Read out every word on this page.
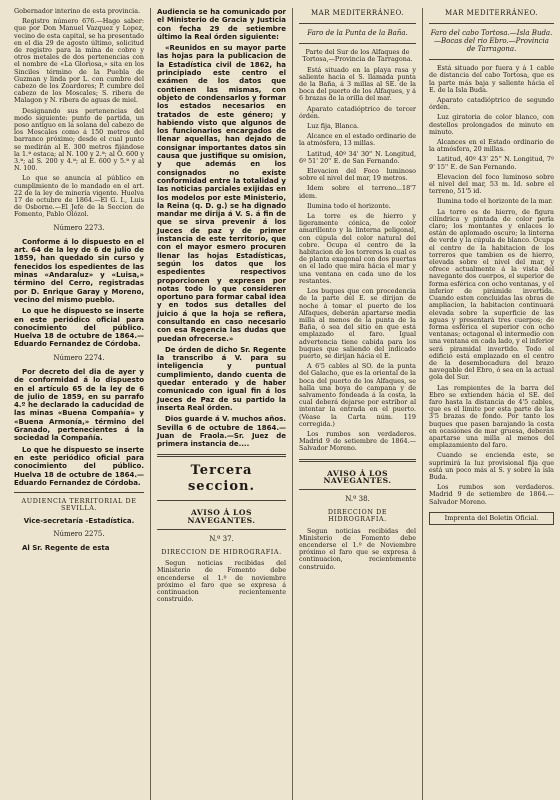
Gobernador interino de esta provincia.

Registro número 676.—Hago saber: que por Don Manuel Vazquez y Lopez, vecino de esta capital, se ha presentado en el dia 29 de agosto último, solicitud de registro para la mina de cobre y otros metales de dos pertenencias con el nombre de «La Gloriosa,» sita en los Sinciles término de la Puebla de Guzman y linda por L. con cumbre del cabezo de los Zoardores; P. cumbre del cabezo de los Moscales; S. ribera de Malagon y N. ribera de aguas de miel.

Designando sus pertenencias del modo siguiente: punto de partida, un poso antiguo en la solana del cabezo de los Moscales como á 150 metros del barranco próximo; desde el cual punto se medirán al E. 300 metros fijándose la 1.ª estaca; al N. 100 y 2.ª; al O. 600 y 3.ª; al S. 200 y 4.ª; al E. 600 y 5.ª y al N. 100.

Lo que se anuncia al público en cumplimiento de lo mandado en el art. 22 de la ley de minería vigente. Huelva 17 de octubre de 1864.—El G. I., Luis de Osborne.—El Jefe de la Seccion de Fomento, Pablo Olózol.

Número 2273.

Conforme á lo dispuesto en el art. 64 de la ley de 6 de julio de 1859, han quedado sin curso y fenecidos los espedientes de las minas «Andaraluz» y «Luisa,» término del Cerro, registradas por D. Enrique Garay y Moreno, vecino del mismo pueblo.

Lo que he dispuesto se inserte en este periódico oficial para conocimiento del público. Huelva 18 de octubre de 1864.—Eduardo Fernandez de Córdoba.

Número 2274.

Por decreto del dia de ayer y de conformidad á lo dispuesto en el artículo 65 de la ley de 6 de julio de 1859, en su parrafo 4.º he declarado la caducidad de las minas «Buena Compañía» y «Buena Armonía,» término del Granado, pertenecientes á la sociedad la Compañía.

Lo que he dispuesto se inserte en este periódico oficial para conocimiento del público. Huelva 18 de octubre de 1864.—Eduardo Fernandez de Córdoba.

AUDIENCIA TERRITORIAL DE SEVILLA.

Vice-secretaría -Estadística.

Número 2275.

Al Sr. Regente de esta

Audiencia se ha comunicado por el Ministerio de Gracia y Justicia con fecha 29 de setiembre último la Real órden siguiente:

«Reunidos en su mayor parte las hojas para la publicacion de la Estadística civil de 1862, ha principiado este centro el exámen de los datos que contienen las mismas, con objeto de condensarlos y formar los estados necesarios en tratados de este género; y habiendo visto que algunos de los funcionarios encargados de llenar aquellas, han dejado de consignar importantes datos sin causa que justifique su omision, y que además en los consignados no existe conformidad entre la totalidad y las noticias parciales exijidas en los modelos por este Ministerio, la Reina (q. D. g.) se ha dignado mandar me dirija á V. S. á fin de que se sirva prevenir á los Jueces de paz y de primer instancia de este territorio, que con el mayor esmero procuren llenar las hojas Estadísticas, según los datos que los espedientes respectivos proporcionen y expresen por notas todo lo que consideren oportuno para formar cabal idea y en todos sus detalles del juicio á que la hoja se refiera, consultando en caso necesario con esa Regencia las dudas que puedan ofrecerse.»

De órden de dicho Sr. Regente la transcribo á V. para su inteligencia y puntual cumplimiento, dando cuenta de quedar enterado y de haber comunicado con igual fin á los Jueces de Paz de su partido la inserta Real órden.

Dios guarde á V. muchos años. Sevilla 6 de octubre de 1864.—Juan de Fraola.—Sr. Juez de primera instancia de....

Tercera seccion.
AVISO Á LOS NAVEGANTES.
N.º 37.
DIRECCION DE HIDROGRAFIA.

Segun noticias recibidas del Ministerio de Fomento debe encenderse el 1.º de noviembre próximo el faro que se expresa á continuacion recientemente construido.

MAR MEDITERRÁNEO.
Faro de la Punta de la Baña.

Parte del Sur de los Alfaques de Tortosa,—Provincia de Tarragona.

Está situado en la playa rasa y saliente hacia el S. llamada punta de la Baña, á 3 millas al SE. de la boca del puerto de los Alfaques, y á 6 brazas de la orilla del mar.

Aparato catadióptrico de tercer órden.

Luz fija, Blanca.

Alcance en el estado ordinario de la atmósfera, 13 millas.

Latitud, 40º 34' 30'' N. Longitud, 6º 51' 20'' E. de San Fernando.

Elevacion del Foco luminoso sobre el nivel del mar, 19 metros.

Idem sobre el terreno...18'7 idem.

Ilumina todo el horizonte.

La torre es de hierro y ligeramente cónica, de color amarillento y la linterna peligonal, con cúpula del color natural del cobre. Ocupa el centro de la habitacion de los torreros la cual es de planta exagonal con dos puertas en el lado que mira hácia el mar y una ventana en cada uno de los restantes.

Los buques que con procedencia de la parte del E. se dirijan de noche á tomar el puerto de los Alfaques, deberán apartarse media milla al menos de la punta de la Baña, ó sea del sitio en que está emplazado el faro. Igual advertencia tiene cabida para los buques que saliendo del indicado puerto, se dirijan hácia el E.

A 6'5 cables al SO. de la punta del Galacho, que es la oriental de la boca del puerto de los Alfaques, se halla una boya de campana y de salvamento fondeada á la costa, la cual deberá dejarse por estribor al intentar la entrada en el puerto. (Véase la Carta núm. 119 corregida.)

Los rumbos son verdaderos. Madrid 9 de setiembre de 1864.—Salvador Moreno.

AVISO Á LOS NAVEGANTES.
N.º 38.
DIRECCION DE HIDROGRAFIA.

Segun noticias recibidas del Ministerio de Fomento debe encenderse el 1.º de Noviembre próximo el faro que se expresa á continuacion, recientemente construido.

MAR MEDITERRÁNEO.
Faro del cabo Tortosa.—Isla Buda.—Bocas del rio Ebro.—Provincia de Tarragona.

Está situado por fuera y á 1 cable de distancia del cabo Tortosa, que es la parte más baja y saliente hácia el E. de la Isla Buda.

Aparato catadióptrico de segundo órden.

Luz giratoria de color blanco, con destellos prolongados de minuto en minuto.

Alcances en el Estado ordinario de la atmósfera, 20 millas.

Latitud, 40º 43' 25'' N. Longitud, 7º 9' 15'' E. de San Fernando.

Elevacion del foco luminoso sobre el nivel del mar, 53 m. Id. sobre el terreno, 51'5 id.

Ilumina todo el horizonte de la mar.

La torre es de hierro, de figura cilíndrica y pintada de color perla claro; los montantes y enlaces lo están de aplomado oscuro; la linterna de verde y la cúpula de blanco. Ocupa el centro de la habitacion de los torreros que tambien es de hierro, elevada sobre el nivel del mar, y ofrece actualmente á la vista del navegante dos cuerpos, el superior de forma esférica con ocho ventanas, y el inferior de pirámide invertida. Cuando esten concluidas las obras de ampliacion, la habitacion continuará elevada sobre la superficie de las aguas y presentará tres cuerpos; de forma esférica el superior con ocho ventanas; octagonal el intermedio con una ventana en cada lado, y el inferior será piramidal invertido. Todo el edificio está emplazado en el centro de la desembocadura del brazo navegable del Ebro, ó sea en la actual gola del Sur.

Las rompientes de la barra del Ebro se extienden hácia el SE. del faro hasta la distancia de 4'5 cables, que es el límite por esta parte de las 3'5 brazas de fondo. Por tanto los buques que pasen barajando la costa en ocasiones de mar gruesa, deberán apartarse una milla al menos del emplazamiento del faro.

Cuando se encienda este, se suprimirá la luz provisional fija que está un poco más al S. y sobre la isla Buda.

Los rumbos son verdaderos. Madrid 9 de setiembre de 1864.—Salvador Moreno.

Imprenta del Boletin Oficial.
